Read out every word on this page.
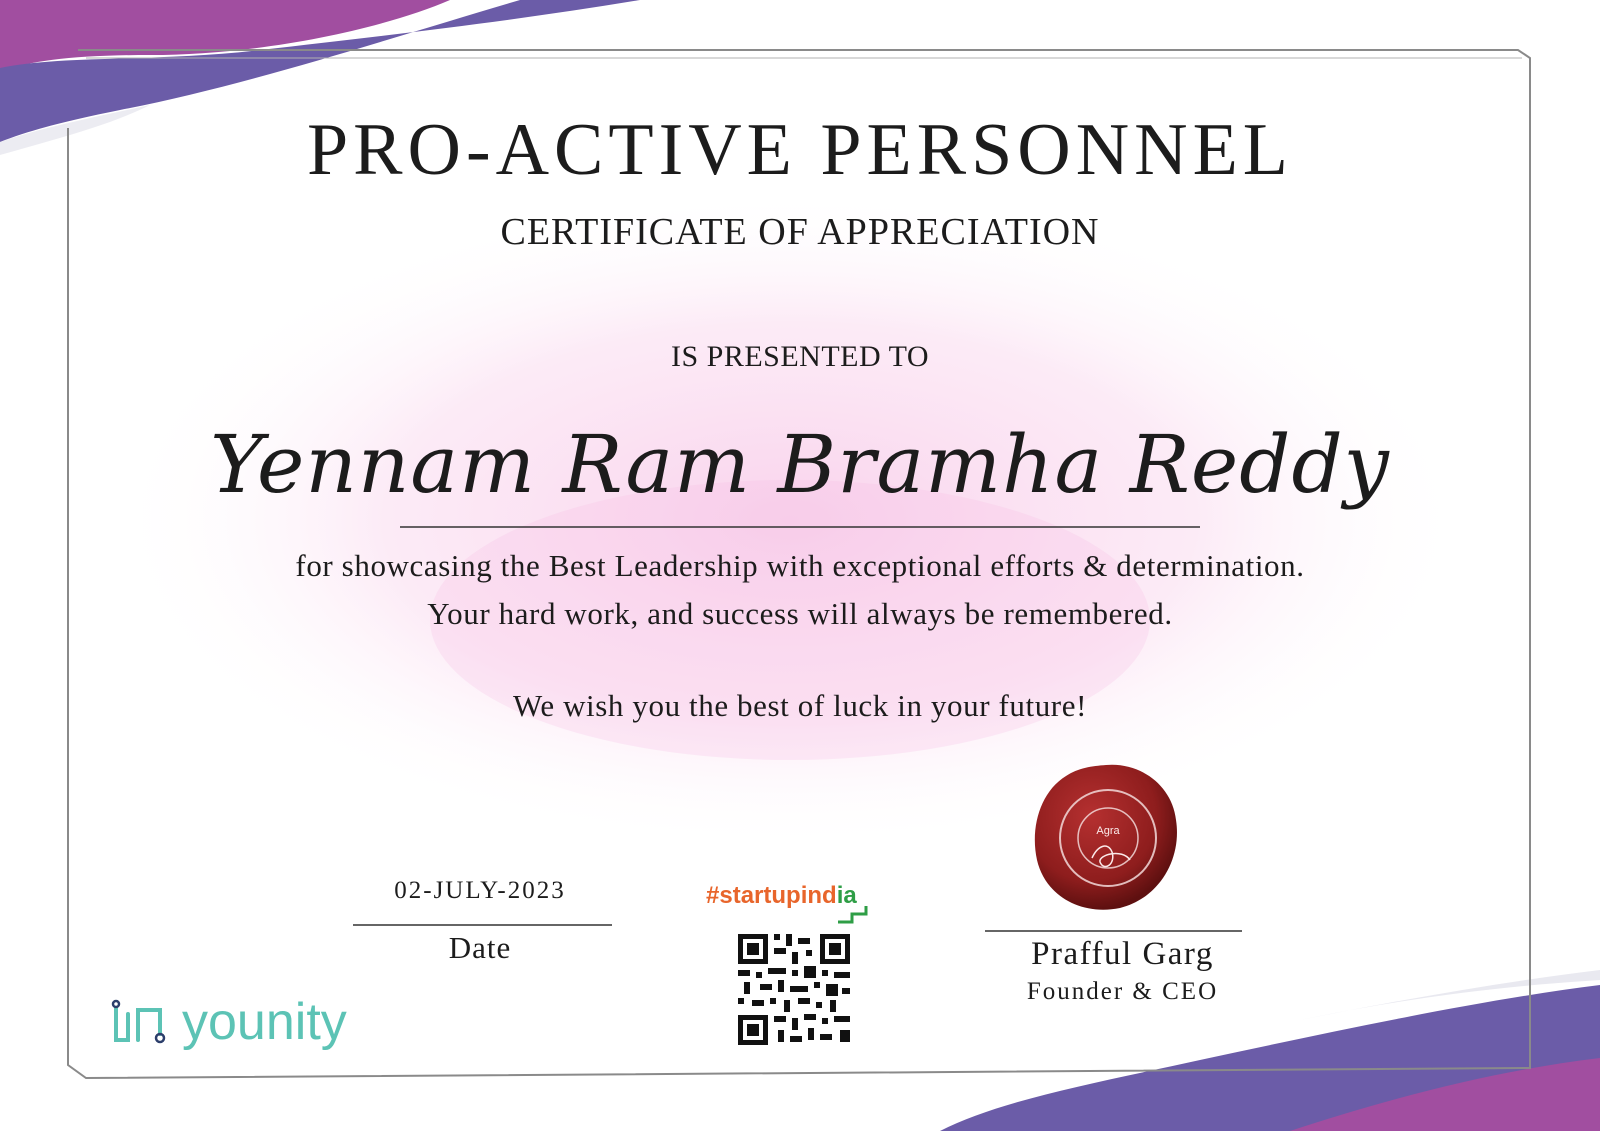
Agra
PRO-ACTIVE PERSONNEL
CERTIFICATE OF APPRECIATION
IS PRESENTED TO
Yennam Ram Bramha Reddy
for showcasing the Best Leadership with exceptional efforts & determination.
Your hard work, and success will always be remembered.
We wish you the best of luck in your future!
02-JULY-2023
Date
#startupindia
Prafful Garg
Founder & CEO
younity
